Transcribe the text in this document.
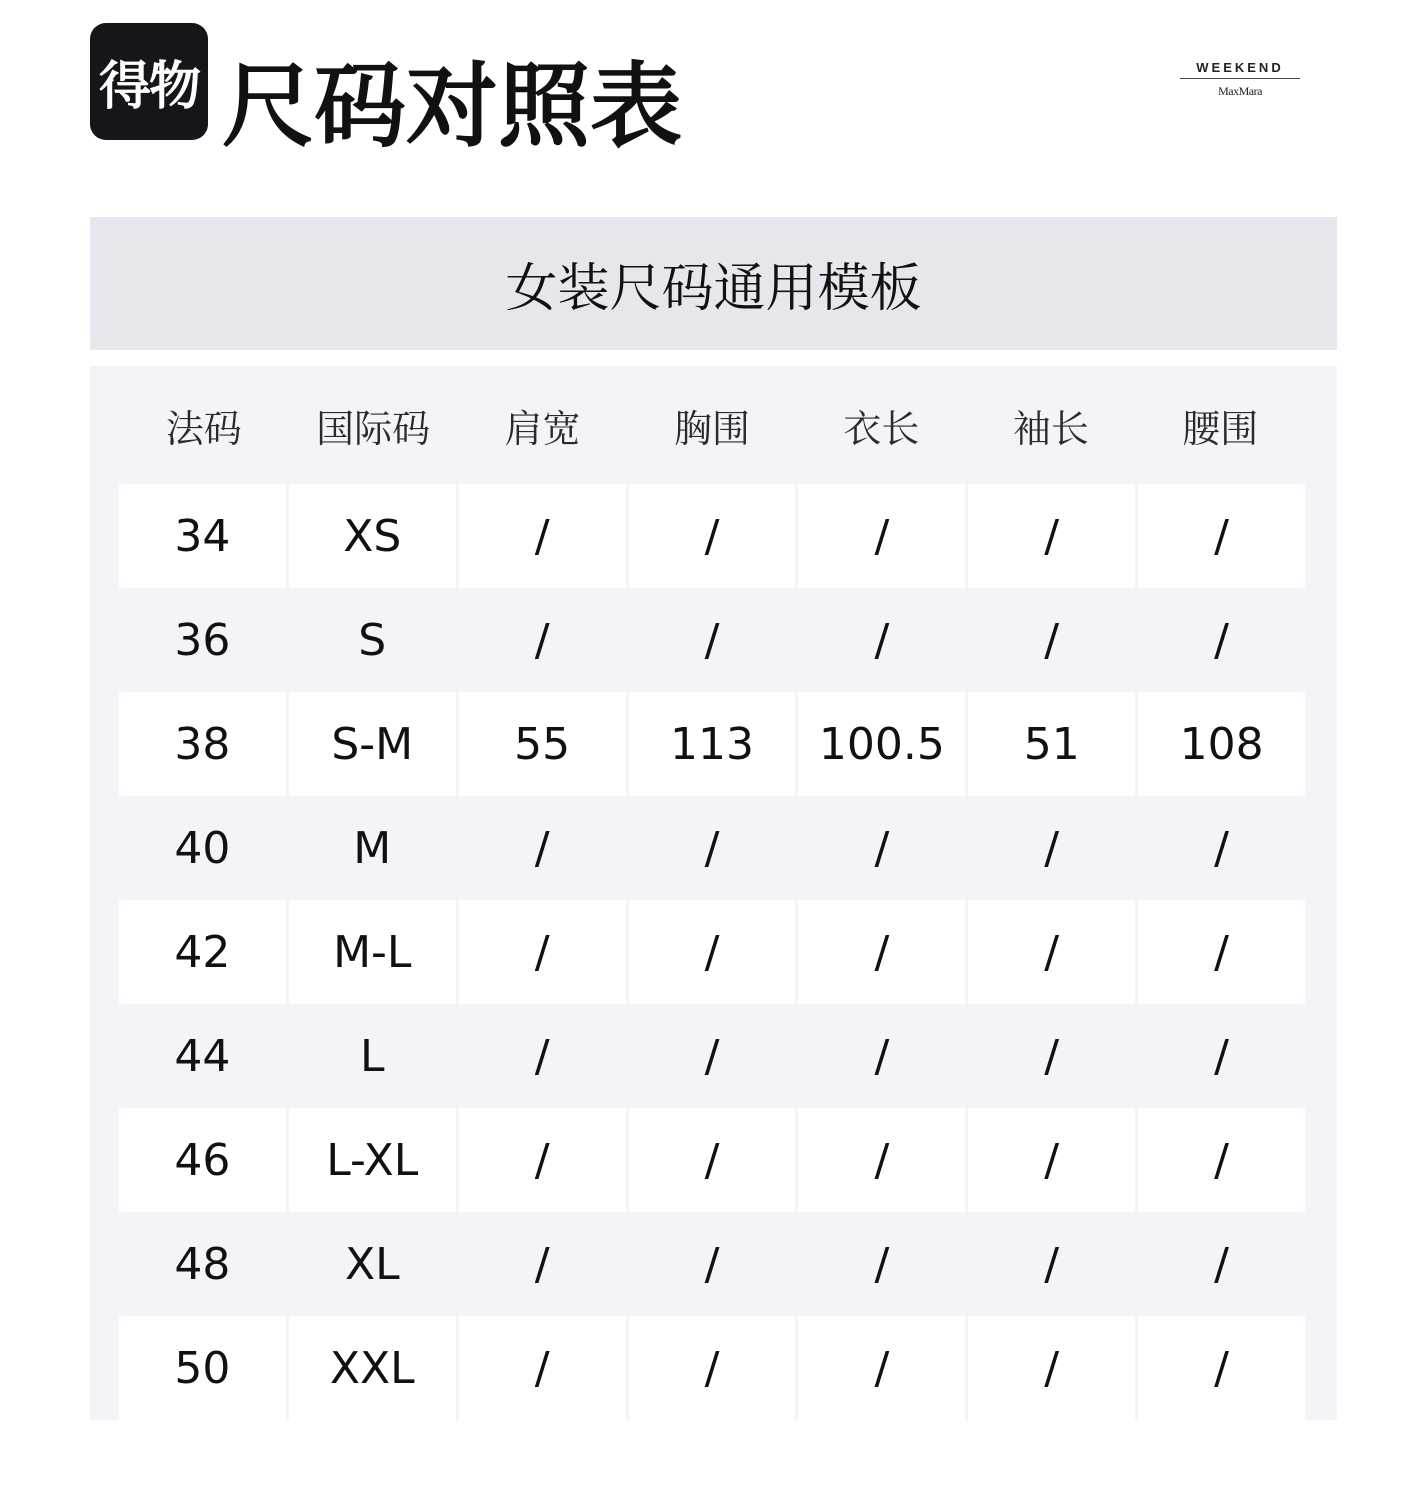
得物 尺码对照表	WEEKEND
MaxMara
女装尺码通用模板
法码	国际码	肩宽	胸围	衣长	袖长	腰围
34	XS	/	/	/	/	/
36	S	/	/	/	/	/
38	S-M	55	113	100.5	51	108
40	M	/	/	/	/	/
42	M-L	/	/	/	/	/
44	L	/	/	/	/	/
46	L-XL	/	/	/	/	/
48	XL	/	/	/	/	/
50	XXL	/	/	/	/	/
